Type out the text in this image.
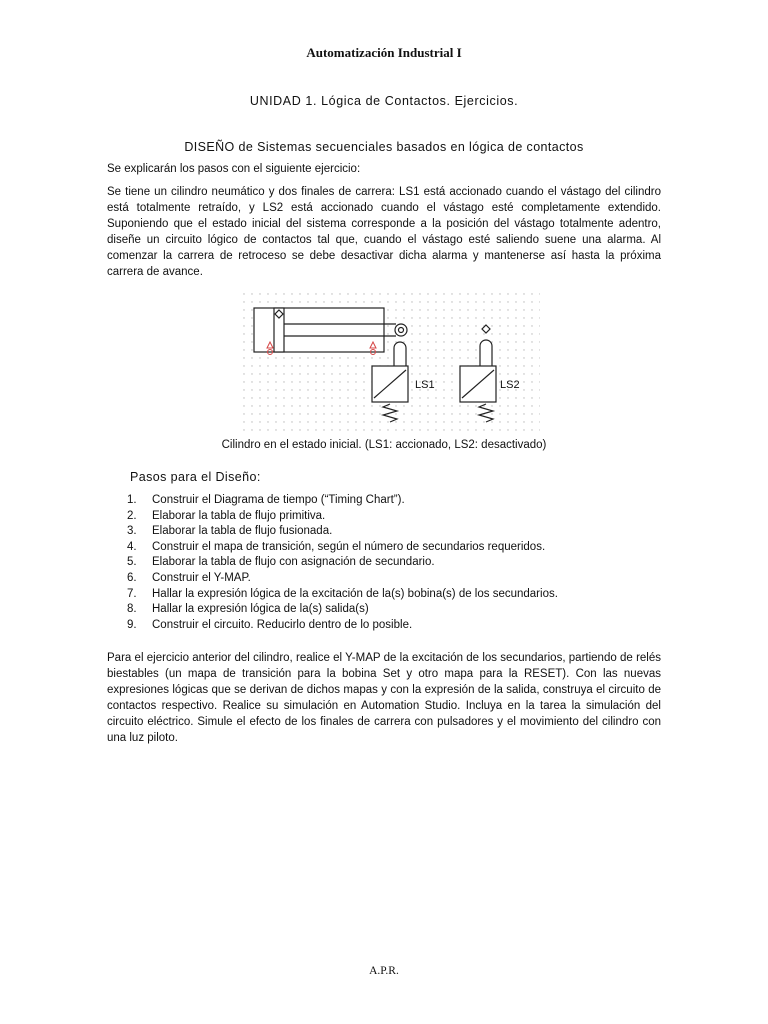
Automatización Industrial I
UNIDAD 1. Lógica de Contactos. Ejercicios.
DISEÑO de Sistemas secuenciales basados en lógica de contactos
Se explicarán los pasos con el siguiente ejercicio:
Se tiene un cilindro neumático y dos finales de carrera: LS1 está accionado cuando el vástago del cilindro está totalmente retraído, y LS2 está accionado cuando el vástago esté completamente extendido. Suponiendo que el estado inicial del sistema corresponde a la posición del vástago totalmente adentro, diseñe un circuito lógico de contactos tal que, cuando el vástago esté saliendo suene una alarma. Al comenzar la carrera de retroceso se debe desactivar dicha alarma y mantenerse así hasta la próxima carrera de avance.
LS1	LS2
Cilindro en el estado inicial. (LS1: accionado, LS2: desactivado)
Pasos para el Diseño:
1.	Construir el Diagrama de tiempo (“Timing Chart”).
2.	Elaborar la tabla de flujo primitiva.
3.	Elaborar la tabla de flujo fusionada.
4.	Construir el mapa de transición, según el número de secundarios requeridos.
5.	Elaborar la tabla de flujo con asignación de secundario.
6.	Construir el Y-MAP.
7.	Hallar la expresión lógica de la excitación de la(s) bobina(s) de los secundarios.
8.	Hallar la expresión lógica de la(s) salida(s)
9.	Construir el circuito. Reducirlo dentro de lo posible.
Para el ejercicio anterior del cilindro, realice el Y-MAP de la excitación de los secundarios, partiendo de relés biestables (un mapa de transición para la bobina Set y otro mapa para la RESET). Con las nuevas expresiones lógicas que se derivan de dichos mapas y con la expresión de la salida, construya el circuito de contactos respectivo. Realice su simulación en Automation Studio. Incluya en la tarea la simulación del circuito eléctrico. Simule el efecto de los finales de carrera con pulsadores y el movimiento del cilindro con una luz piloto.
A.P.R.
